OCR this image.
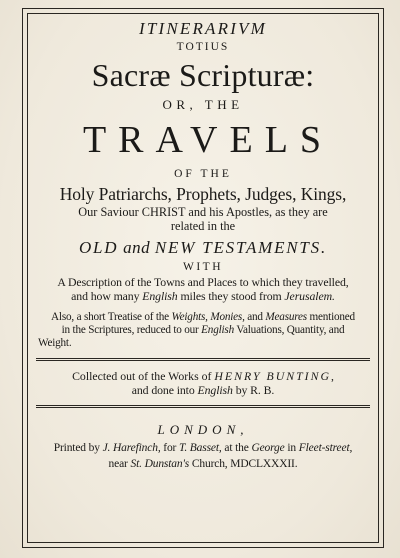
ITINERARIVM
TOTIUS
Sacræ Scripturæ:
OR, THE
TRAVELS
OF THE
Holy Patriarchs, Prophets, Judges, Kings,
Our Saviour CHRIST and his Apostles, as they are
related in the
OLD and NEW TESTAMENTS.
WITH
A Description of the Towns and Places to which they travelled,
and how many English miles they stood from Jerusalem.
Also, a short Treatise of the Weights, Monies, and Measures mentioned
in the Scriptures, reduced to our English Valuations, Quantity, and
Weight.
Collected out of the Works of HENRY BUNTING,
and done into English by R. B.
LONDON,
Printed by J. Harefinch, for T. Basset, at the George in Fleet-street,
near St. Dunstan's Church, MDCLXXXII.
